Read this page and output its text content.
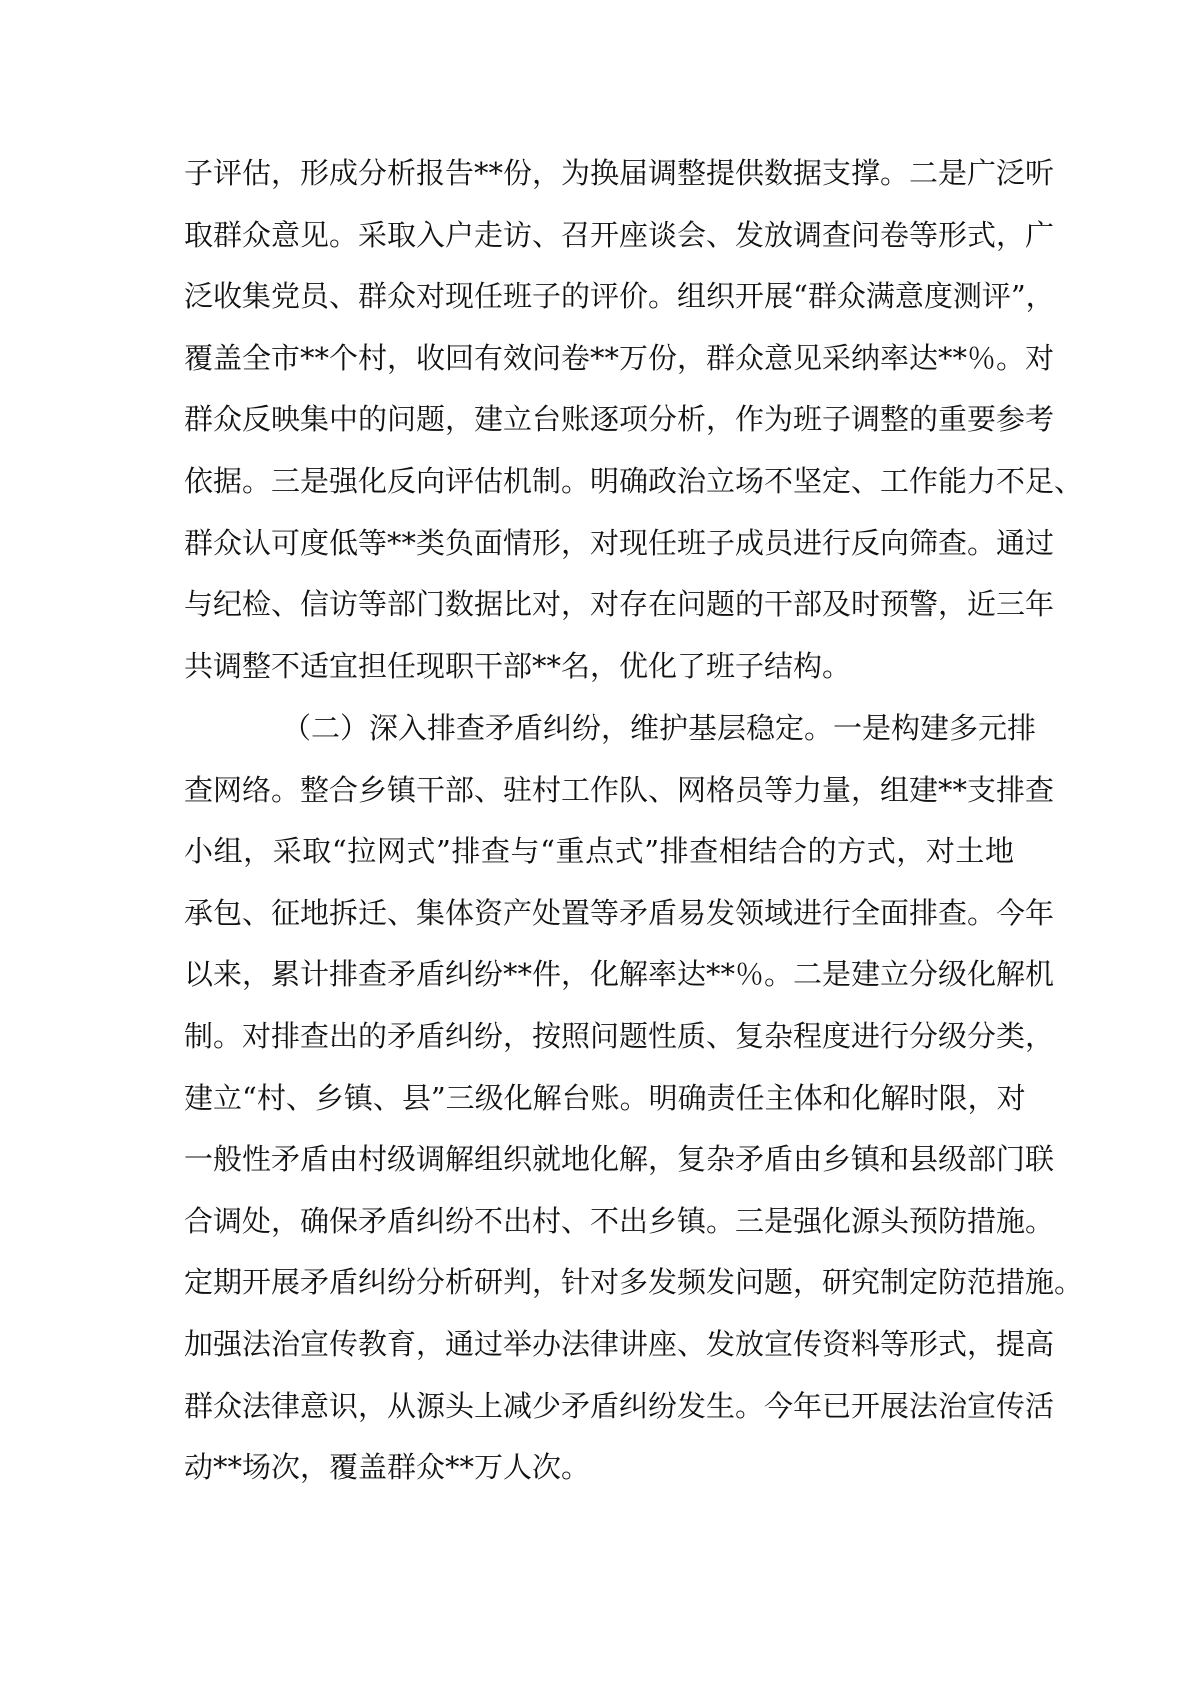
子评估，形成分析报告**份，为换届调整提供数据支撑。二是广泛听
取群众意见。采取入户走访、召开座谈会、发放调查问卷等形式，广
泛收集党员、群众对现任班子的评价。组织开展“群众满意度测评”，
覆盖全市**个村，收回有效问卷**万份，群众意见采纳率达**％。对
群众反映集中的问题，建立台账逐项分析，作为班子调整的重要参考
依据。三是强化反向评估机制。明确政治立场不坚定、工作能力不足、
群众认可度低等**类负面情形，对现任班子成员进行反向筛查。通过
与纪检、信访等部门数据比对，对存在问题的干部及时预警，近三年
共调整不适宜担任现职干部**名，优化了班子结构。
（二）深入排查矛盾纠纷，维护基层稳定。一是构建多元排
查网络。整合乡镇干部、驻村工作队、网格员等力量，组建**支排查
小组，采取“拉网式”排查与“重点式”排查相结合的方式，对土地
承包、征地拆迁、集体资产处置等矛盾易发领域进行全面排查。今年
以来，累计排查矛盾纠纷**件，化解率达**％。二是建立分级化解机
制。对排查出的矛盾纠纷，按照问题性质、复杂程度进行分级分类，
建立“村、乡镇、县”三级化解台账。明确责任主体和化解时限，对
一般性矛盾由村级调解组织就地化解，复杂矛盾由乡镇和县级部门联
合调处，确保矛盾纠纷不出村、不出乡镇。三是强化源头预防措施。
定期开展矛盾纠纷分析研判，针对多发频发问题，研究制定防范措施。
加强法治宣传教育，通过举办法律讲座、发放宣传资料等形式，提高
群众法律意识，从源头上减少矛盾纠纷发生。今年已开展法治宣传活
动**场次，覆盖群众**万人次。
